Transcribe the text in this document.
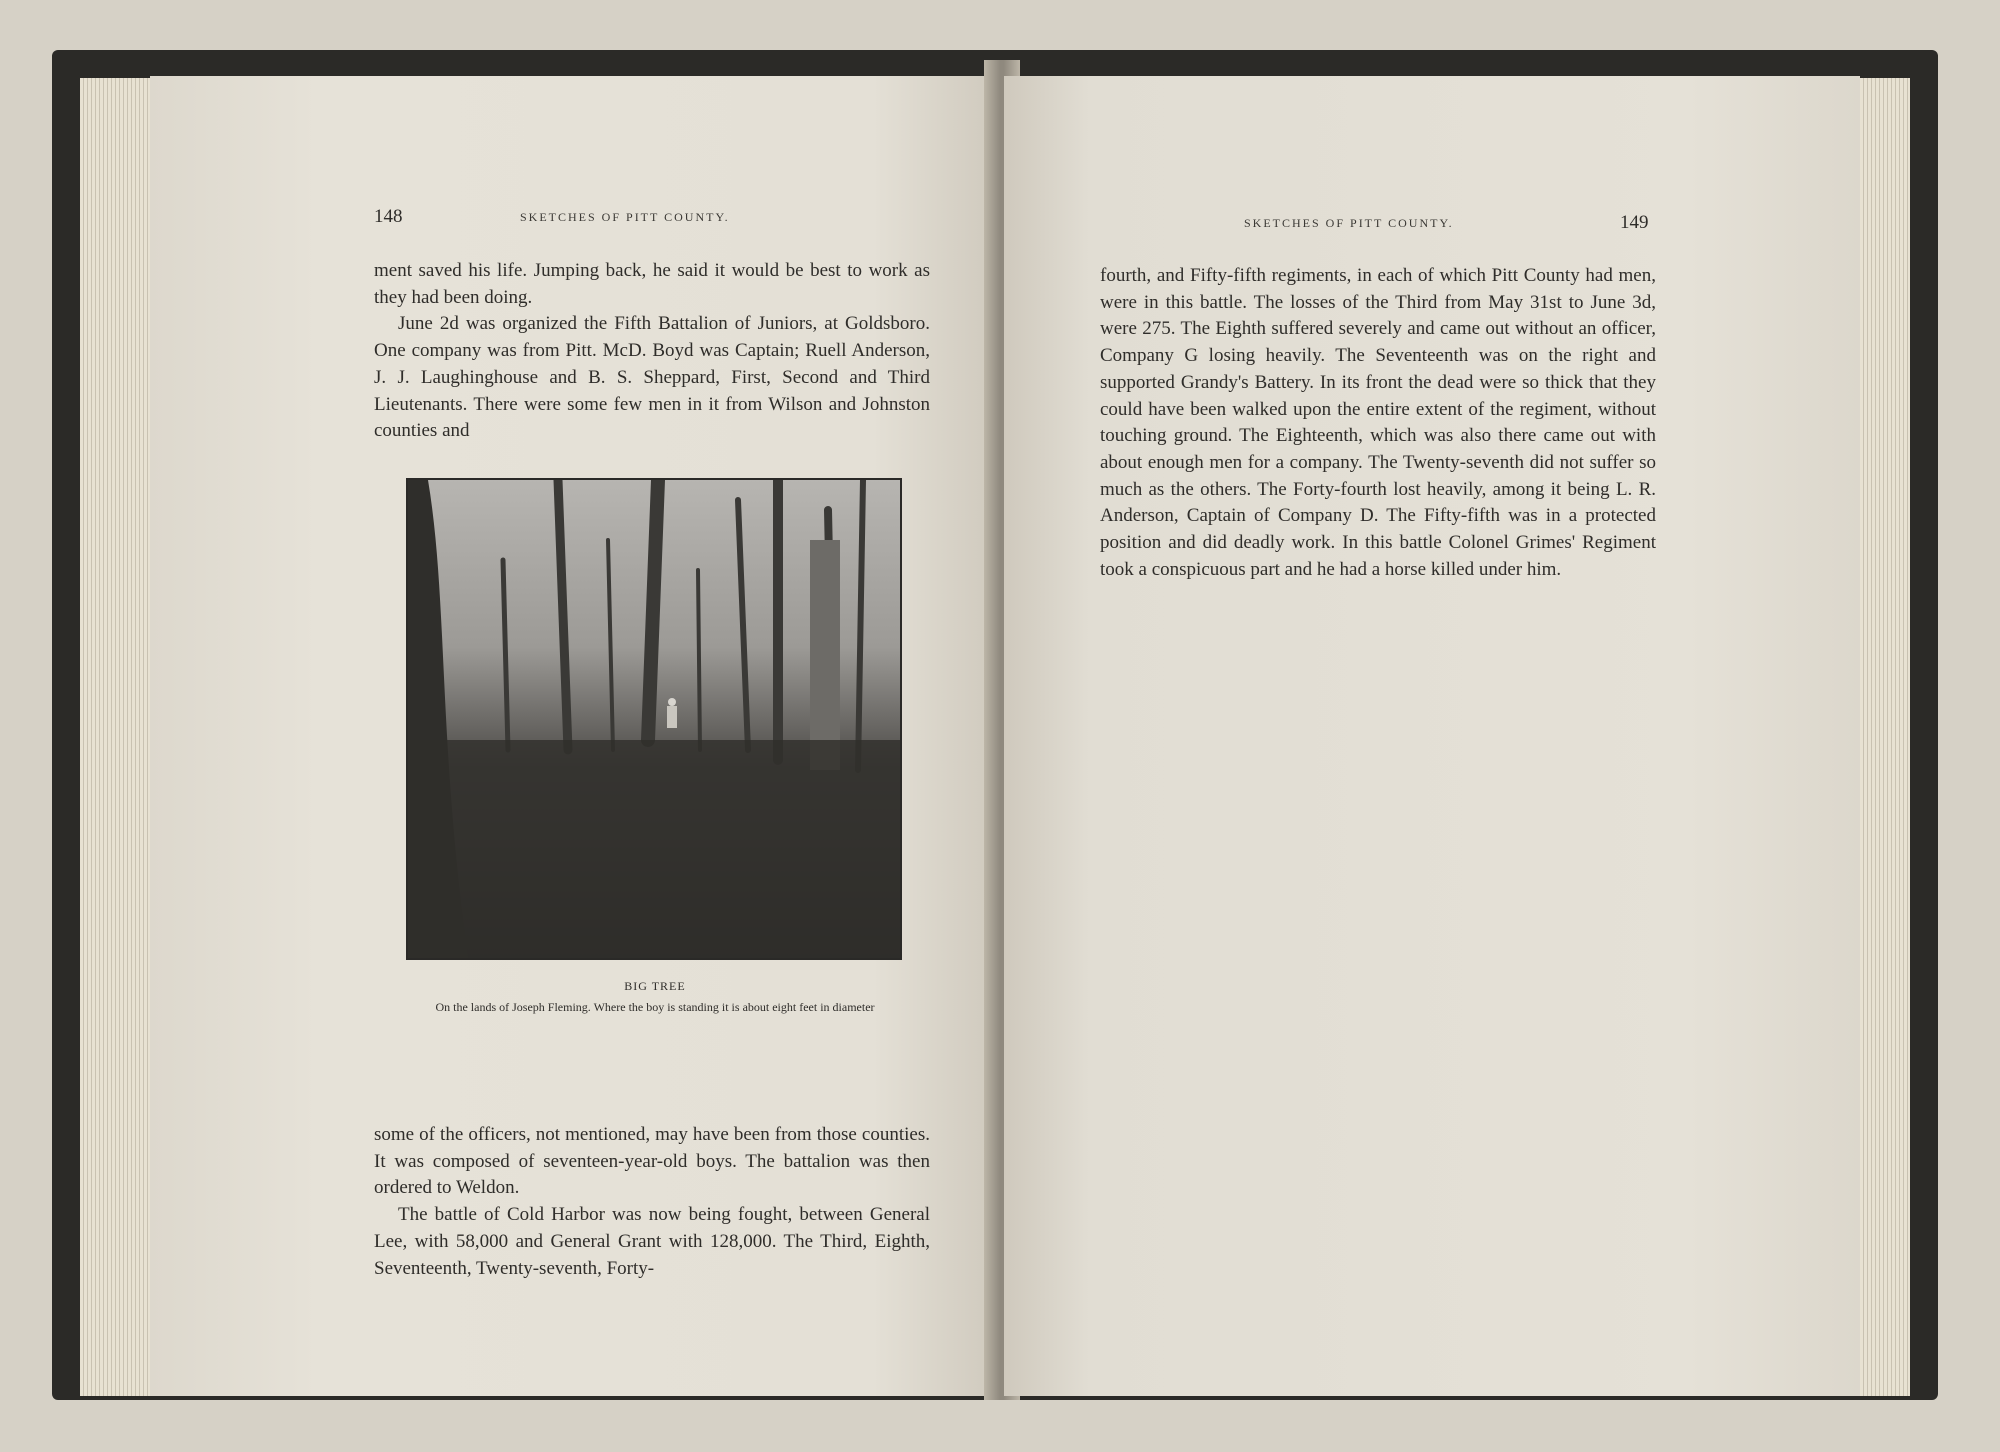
148	SKETCHES OF PITT COUNTY.

ment saved his life. Jumping back, he said it would be best to work as they had been doing.

June 2d was organized the Fifth Battalion of Juniors, at Goldsboro. One company was from Pitt. McD. Boyd was Captain; Ruell Anderson, J. J. Laughinghouse and B. S. Sheppard, First, Second and Third Lieutenants. There were some few men in it from Wilson and Johnston counties and

BIG TREE
On the lands of Joseph Fleming. Where the boy is standing it is about eight feet in diameter

some of the officers, not mentioned, may have been from those counties. It was composed of seventeen-year-old boys. The battalion was then ordered to Weldon.

The battle of Cold Harbor was now being fought, between General Lee, with 58,000 and General Grant with 128,000. The Third, Eighth, Seventeenth, Twenty-seventh, Forty-

SKETCHES OF PITT COUNTY.	149

fourth, and Fifty-fifth regiments, in each of which Pitt County had men, were in this battle. The losses of the Third from May 31st to June 3d, were 275. The Eighth suffered severely and came out without an officer, Company G losing heavily. The Seventeenth was on the right and supported Grandy's Battery. In its front the dead were so thick that they could have been walked upon the entire extent of the regiment, without touching ground. The Eighteenth, which was also there came out with about enough men for a company. The Twenty-seventh did not suffer so much as the others. The Forty-fourth lost heavily, among it being L. R. Anderson, Captain of Company D. The Fifty-fifth was in a protected position and did deadly work. In this battle Colonel Grimes' Regiment took a conspicuous part and he had a horse killed under him.
